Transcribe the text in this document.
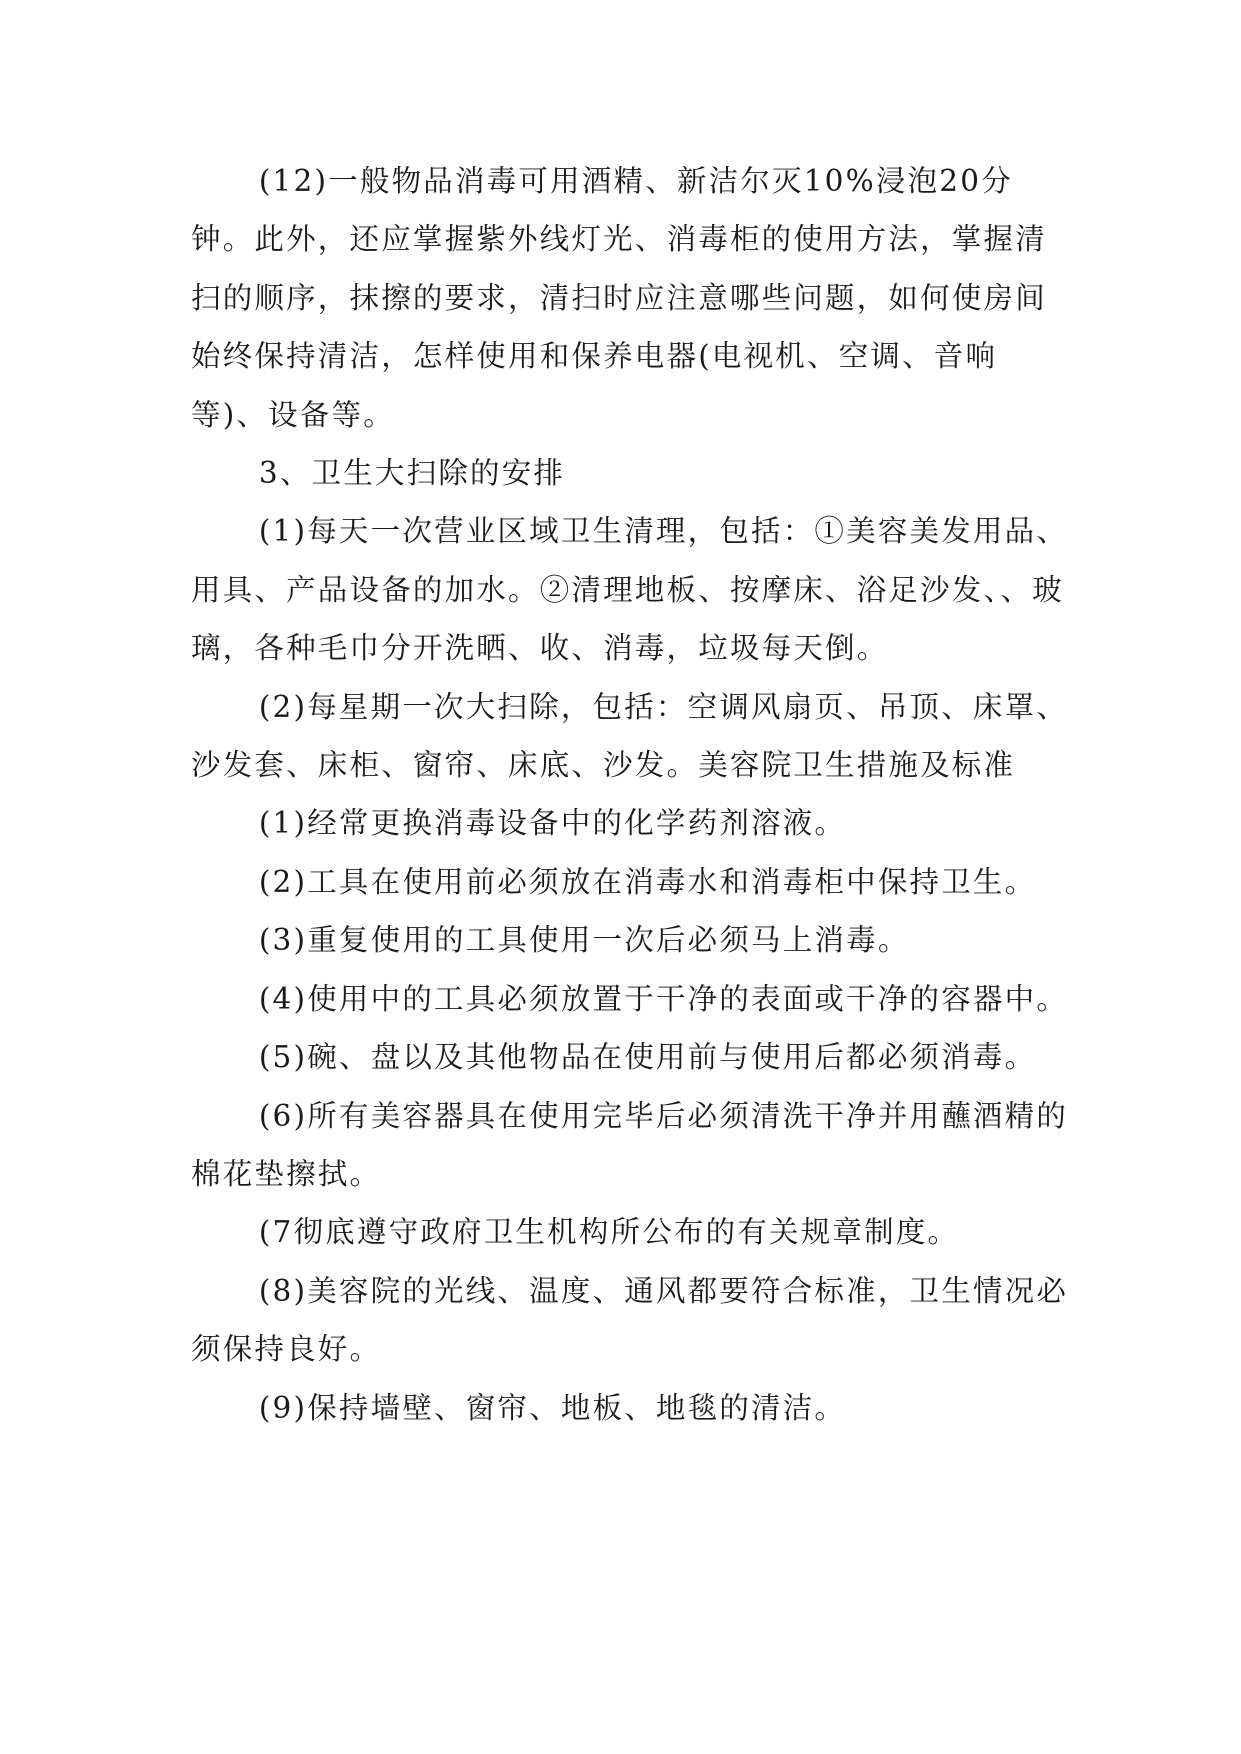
(12)一般物品消毒可用酒精、新洁尔灭10%浸泡20分钟。此外，还应掌握紫外线灯光、消毒柜的使用方法，掌握清扫的顺序，抹擦的要求，清扫时应注意哪些问题，如何使房间始终保持清洁，怎样使用和保养电器(电视机、空调、音响等)、设备等。

3、卫生大扫除的安排

(1)每天一次营业区域卫生清理，包括：①美容美发用品、用具、产品设备的加水。②清理地板、按摩床、浴足沙发、、玻璃，各种毛巾分开洗晒、收、消毒，垃圾每天倒。

(2)每星期一次大扫除，包括：空调风扇页、吊顶、床罩、沙发套、床柜、窗帘、床底、沙发。美容院卫生措施及标准

(1)经常更换消毒设备中的化学药剂溶液。

(2)工具在使用前必须放在消毒水和消毒柜中保持卫生。

(3)重复使用的工具使用一次后必须马上消毒。

(4)使用中的工具必须放置于干净的表面或干净的容器中。

(5)碗、盘以及其他物品在使用前与使用后都必须消毒。

(6)所有美容器具在使用完毕后必须清洗干净并用蘸酒精的棉花垫擦拭。

(7彻底遵守政府卫生机构所公布的有关规章制度。

(8)美容院的光线、温度、通风都要符合标准，卫生情况必须保持良好。

(9)保持墙壁、窗帘、地板、地毯的清洁。
